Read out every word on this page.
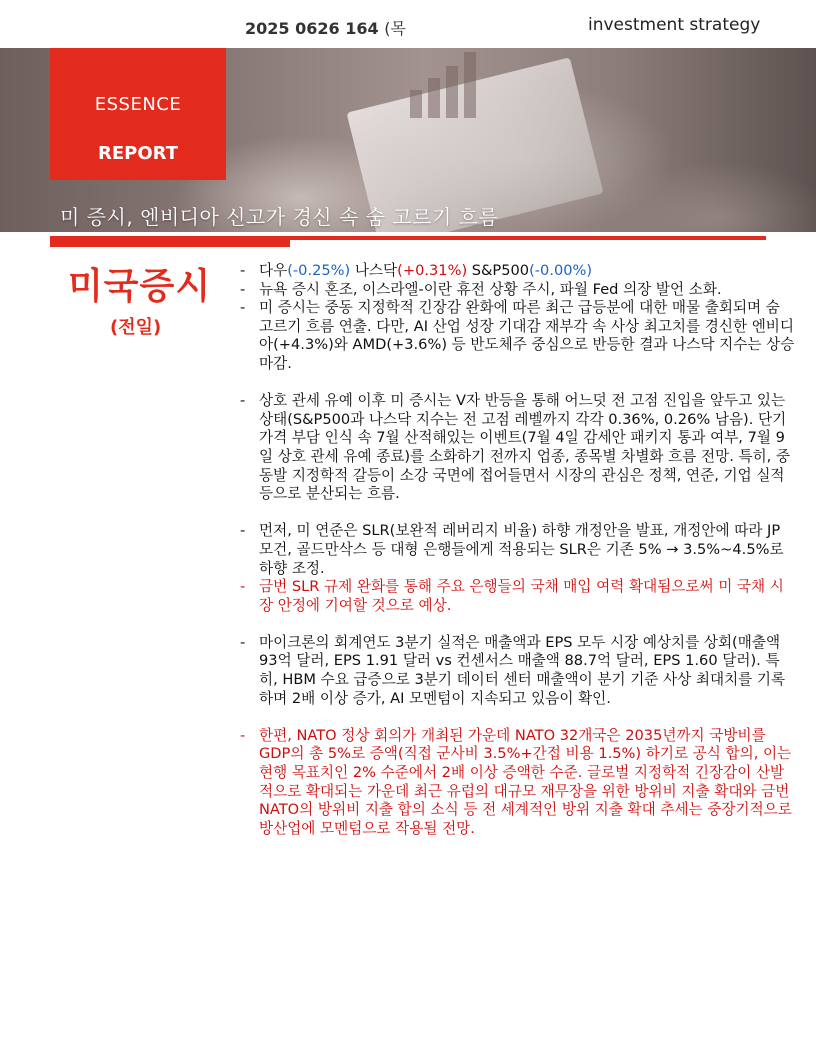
2025 0626 164 (목	investment strategy
ESSENCE
REPORT
미 증시, 엔비디아 신고가 경신 속 숨 고르기 흐름
미국증시
(전일)
- 다우(-0.25%) 나스닥(+0.31%) S&P500(-0.00%)
- 뉴욕 증시 혼조, 이스라엘-이란 휴전 상황 주시, 파월 Fed 의장 발언 소화.
- 미 증시는 중동 지정학적 긴장감 완화에 따른 최근 급등분에 대한 매물 출회되며 숨 고르기 흐름 연출. 다만, AI 산업 성장 기대감 재부각 속 사상 최고치를 경신한 엔비디아(+4.3%)와 AMD(+3.6%) 등 반도체주 중심으로 반등한 결과 나스닥 지수는 상승 마감.
- 상호 관세 유예 이후 미 증시는 V자 반등을 통해 어느덧 전 고점 진입을 앞두고 있는 상태(S&P500과 나스닥 지수는 전 고점 레벨까지 각각 0.36%, 0.26% 남음). 단기 가격 부담 인식 속 7월 산적해있는 이벤트(7월 4일 감세안 패키지 통과 여부, 7월 9일 상호 관세 유예 종료)를 소화하기 전까지 업종, 종목별 차별화 흐름 전망. 특히, 중동발 지정학적 갈등이 소강 국면에 접어들면서 시장의 관심은 정책, 연준, 기업 실적 등으로 분산되는 흐름.
- 먼저, 미 연준은 SLR(보완적 레버리지 비율) 하향 개정안을 발표, 개정안에 따라 JP 모건, 골드만삭스 등 대형 은행들에게 적용되는 SLR은 기존 5% → 3.5%~4.5%로 하향 조정.
- 금번 SLR 규제 완화를 통해 주요 은행들의 국채 매입 여력 확대됨으로써 미 국채 시장 안정에 기여할 것으로 예상.
- 마이크론의 회계연도 3분기 실적은 매출액과 EPS 모두 시장 예상치를 상회(매출액 93억 달러, EPS 1.91 달러 vs 컨센서스 매출액 88.7억 달러, EPS 1.60 달러). 특히, HBM 수요 급증으로 3분기 데이터 센터 매출액이 분기 기준 사상 최대치를 기록하며 2배 이상 증가, AI 모멘텀이 지속되고 있음이 확인.
- 한편, NATO 정상 회의가 개최된 가운데 NATO 32개국은 2035년까지 국방비를 GDP의 총 5%로 증액(직접 군사비 3.5%+간접 비용 1.5%) 하기로 공식 합의, 이는 현행 목표치인 2% 수준에서 2배 이상 증액한 수준. 글로벌 지정학적 긴장감이 산발적으로 확대되는 가운데 최근 유럽의 대규모 재무장을 위한 방위비 지출 확대와 금번 NATO의 방위비 지출 합의 소식 등 전 세계적인 방위 지출 확대 추세는 중장기적으로 방산업에 모멘텀으로 작용될 전망.
